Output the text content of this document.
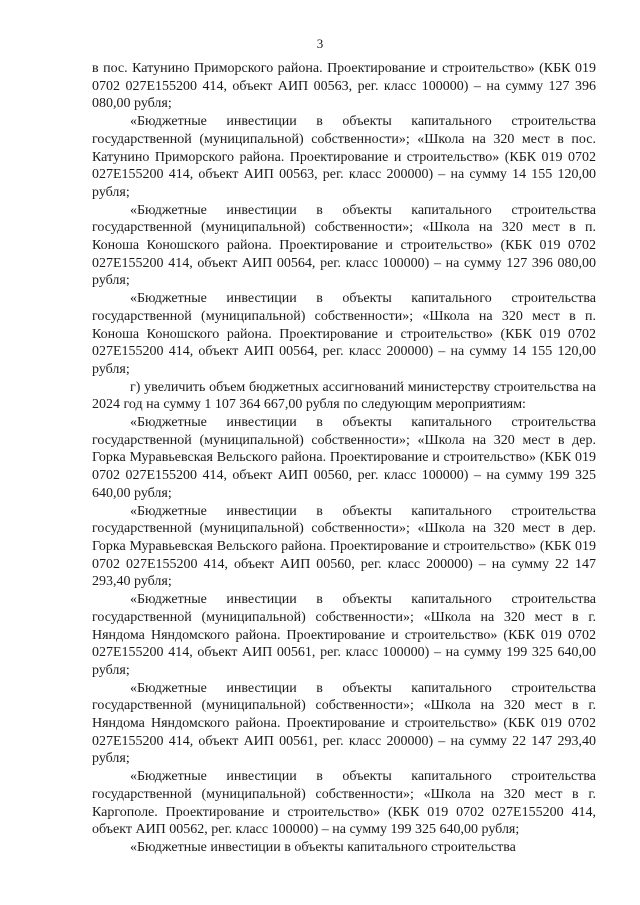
3

в пос. Катунино Приморского района. Проектирование и строительство» (КБК 019 0702 027Е155200 414, объект АИП 00563, рег. класс 100000) – на сумму 127 396 080,00 рубля;

«Бюджетные инвестиции в объекты капитального строительства государственной (муниципальной) собственности»; «Школа на 320 мест в пос. Катунино Приморского района. Проектирование и строительство» (КБК 019 0702 027Е155200 414, объект АИП 00563, рег. класс 200000) – на сумму 14 155 120,00 рубля;

«Бюджетные инвестиции в объекты капитального строительства государственной (муниципальной) собственности»; «Школа на 320 мест в п. Коноша Коношского района. Проектирование и строительство» (КБК 019 0702 027Е155200 414, объект АИП 00564, рег. класс 100000) – на сумму 127 396 080,00 рубля;

«Бюджетные инвестиции в объекты капитального строительства государственной (муниципальной) собственности»; «Школа на 320 мест в п. Коноша Коношского района. Проектирование и строительство» (КБК 019 0702 027Е155200 414, объект АИП 00564, рег. класс 200000) – на сумму 14 155 120,00 рубля;

г) увеличить объем бюджетных ассигнований министерству строительства на 2024 год на сумму 1 107 364 667,00 рубля по следующим мероприятиям:

«Бюджетные инвестиции в объекты капитального строительства государственной (муниципальной) собственности»; «Школа на 320 мест в дер. Горка Муравьевская Вельского района. Проектирование и строительство» (КБК 019 0702 027Е155200 414, объект АИП 00560, рег. класс 100000) – на сумму 199 325 640,00 рубля;

«Бюджетные инвестиции в объекты капитального строительства государственной (муниципальной) собственности»; «Школа на 320 мест в дер. Горка Муравьевская Вельского района. Проектирование и строительство» (КБК 019 0702 027Е155200 414, объект АИП 00560, рег. класс 200000) – на сумму 22 147 293,40 рубля;

«Бюджетные инвестиции в объекты капитального строительства государственной (муниципальной) собственности»; «Школа на 320 мест в г. Няндома Няндомского района. Проектирование и строительство» (КБК 019 0702 027Е155200 414, объект АИП 00561, рег. класс 100000) – на сумму 199 325 640,00 рубля;

«Бюджетные инвестиции в объекты капитального строительства государственной (муниципальной) собственности»; «Школа на 320 мест в г. Няндома Няндомского района. Проектирование и строительство» (КБК 019 0702 027Е155200 414, объект АИП 00561, рег. класс 200000) – на сумму 22 147 293,40 рубля;

«Бюджетные инвестиции в объекты капитального строительства государственной (муниципальной) собственности»; «Школа на 320 мест в г. Каргополе. Проектирование и строительство» (КБК 019 0702 027Е155200 414, объект АИП 00562, рег. класс 100000) – на сумму 199 325 640,00 рубля;

«Бюджетные инвестиции в объекты капитального строительства
